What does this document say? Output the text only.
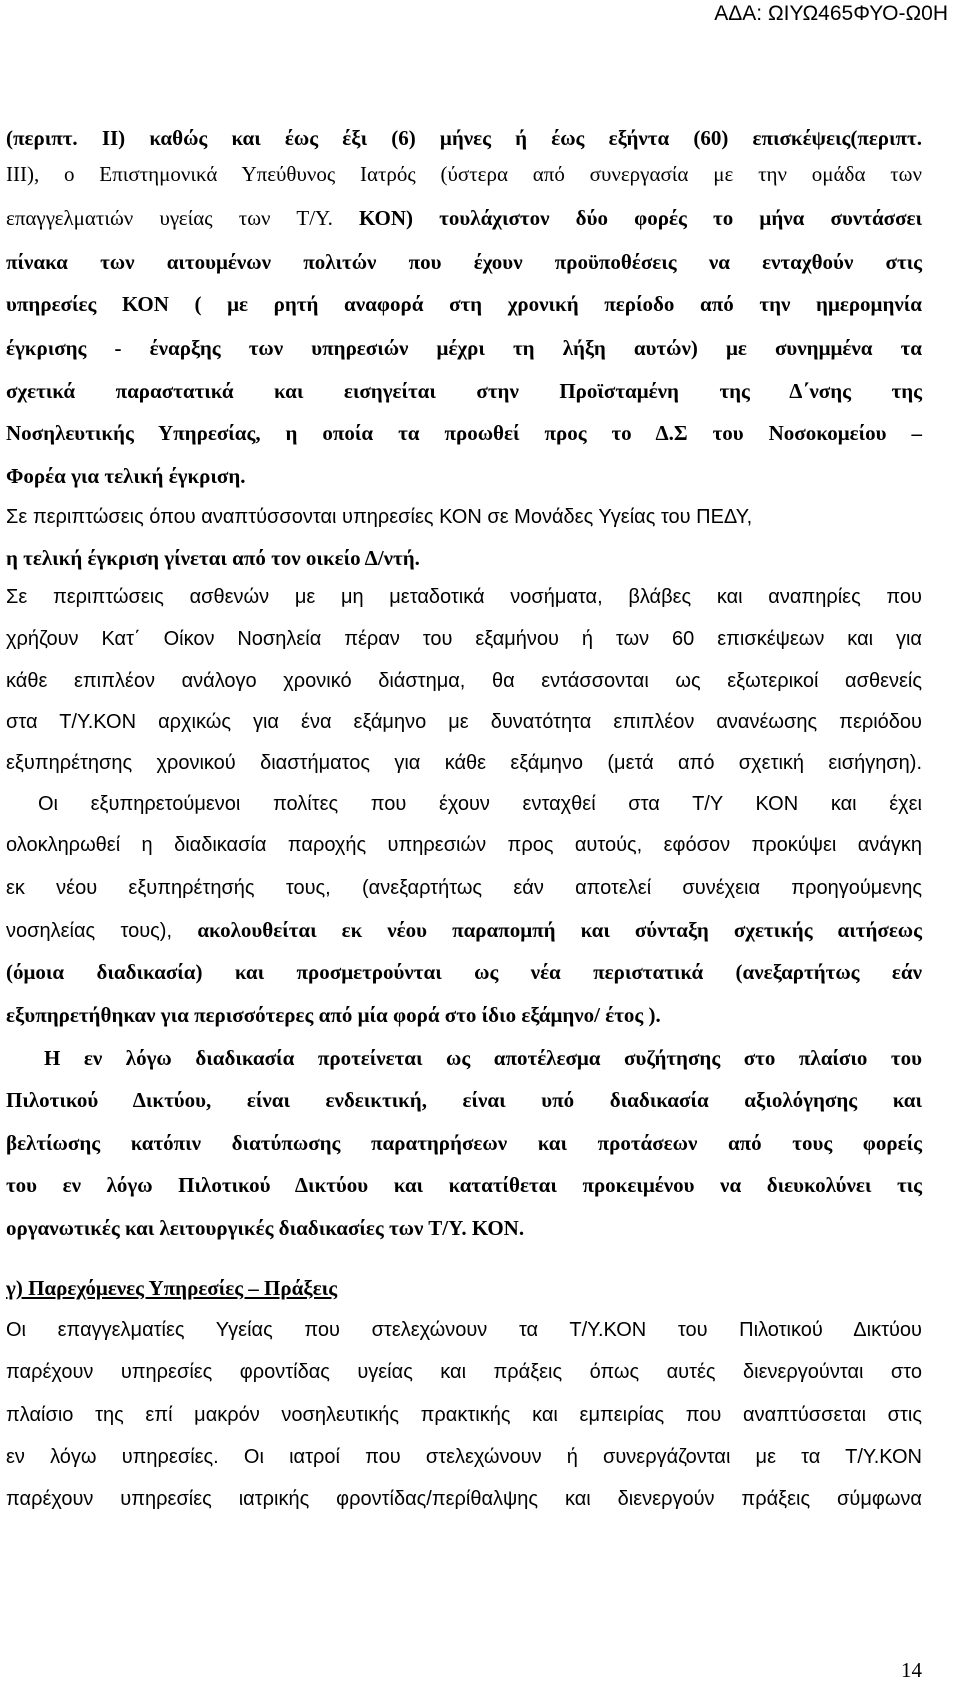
ΑΔΑ: ΩΙΥΩ465ΦΥΟ-Ω0Η
(περιπτ. ΙΙ) καθώς και έως έξι (6) μήνες ή έως εξήντα (60) επισκέψεις(περιπτ.
ΙΙΙ), ο Επιστημονικά Υπεύθυνος Ιατρός (ύστερα από συνεργασία με την ομάδα των
επαγγελματιών υγείας των Τ/Υ. ΚΟΝ) τουλάχιστον δύο φορές το μήνα συντάσσει
πίνακα των αιτουμένων πολιτών που έχουν προϋποθέσεις να ενταχθούν στις
υπηρεσίες ΚΟΝ ( με ρητή αναφορά στη χρονική περίοδο από την ημερομηνία
έγκρισης - έναρξης των υπηρεσιών μέχρι τη λήξη αυτών) με συνημμένα τα
σχετικά παραστατικά και εισηγείται στην Προϊσταμένη της Δ΄νσης της
Νοσηλευτικής Υπηρεσίας, η οποία τα προωθεί προς το Δ.Σ του Νοσοκομείου –
Φορέα για τελική έγκριση.
Σε περιπτώσεις όπου αναπτύσσονται υπηρεσίες ΚΟΝ σε Μονάδες Υγείας του ΠΕΔΥ,
η τελική έγκριση γίνεται από τον οικείο Δ/ντή.
Σε περιπτώσεις ασθενών με μη μεταδοτικά νοσήματα, βλάβες και αναπηρίες που
χρήζουν Κατ΄ Οίκον Νοσηλεία πέραν του εξαμήνου ή των 60 επισκέψεων και για
κάθε επιπλέον ανάλογο χρονικό διάστημα, θα εντάσσονται ως εξωτερικοί ασθενείς
στα Τ/Υ.ΚΟΝ αρχικώς για ένα εξάμηνο με δυνατότητα επιπλέον ανανέωσης περιόδου
εξυπηρέτησης χρονικού διαστήματος για κάθε εξάμηνο (μετά από σχετική εισήγηση).
Οι εξυπηρετούμενοι πολίτες που έχουν ενταχθεί στα Τ/Υ ΚΟΝ και έχει
ολοκληρωθεί η διαδικασία παροχής υπηρεσιών προς αυτούς, εφόσον προκύψει ανάγκη
εκ νέου εξυπηρέτησής τους, (ανεξαρτήτως εάν αποτελεί συνέχεια προηγούμενης
νοσηλείας τους), ακολουθείται εκ νέου παραπομπή και σύνταξη σχετικής αιτήσεως
(όμοια διαδικασία) και προσμετρούνται ως νέα περιστατικά (ανεξαρτήτως εάν
εξυπηρετήθηκαν για περισσότερες από μία φορά στο ίδιο εξάμηνο/ έτος ).
Η εν λόγω διαδικασία προτείνεται ως αποτέλεσμα συζήτησης στο πλαίσιο του
Πιλοτικού Δικτύου, είναι ενδεικτική, είναι υπό διαδικασία αξιολόγησης και
βελτίωσης κατόπιν διατύπωσης παρατηρήσεων και προτάσεων από τους φορείς
του εν λόγω Πιλοτικού Δικτύου και κατατίθεται προκειμένου να διευκολύνει τις
οργανωτικές και λειτουργικές διαδικασίες των Τ/Υ. ΚΟΝ.
γ) Παρεχόμενες Υπηρεσίες – Πράξεις
Οι επαγγελματίες Υγείας που στελεχώνουν τα Τ/Υ.ΚΟΝ του Πιλοτικού Δικτύου
παρέχουν υπηρεσίες φροντίδας υγείας και πράξεις όπως αυτές διενεργούνται στο
πλαίσιο της επί μακρόν νοσηλευτικής πρακτικής και εμπειρίας που αναπτύσσεται στις
εν λόγω υπηρεσίες. Οι ιατροί που στελεχώνουν ή συνεργάζονται με τα Τ/Υ.ΚΟΝ
παρέχουν υπηρεσίες ιατρικής φροντίδας/περίθαλψης και διενεργούν πράξεις σύμφωνα
14
